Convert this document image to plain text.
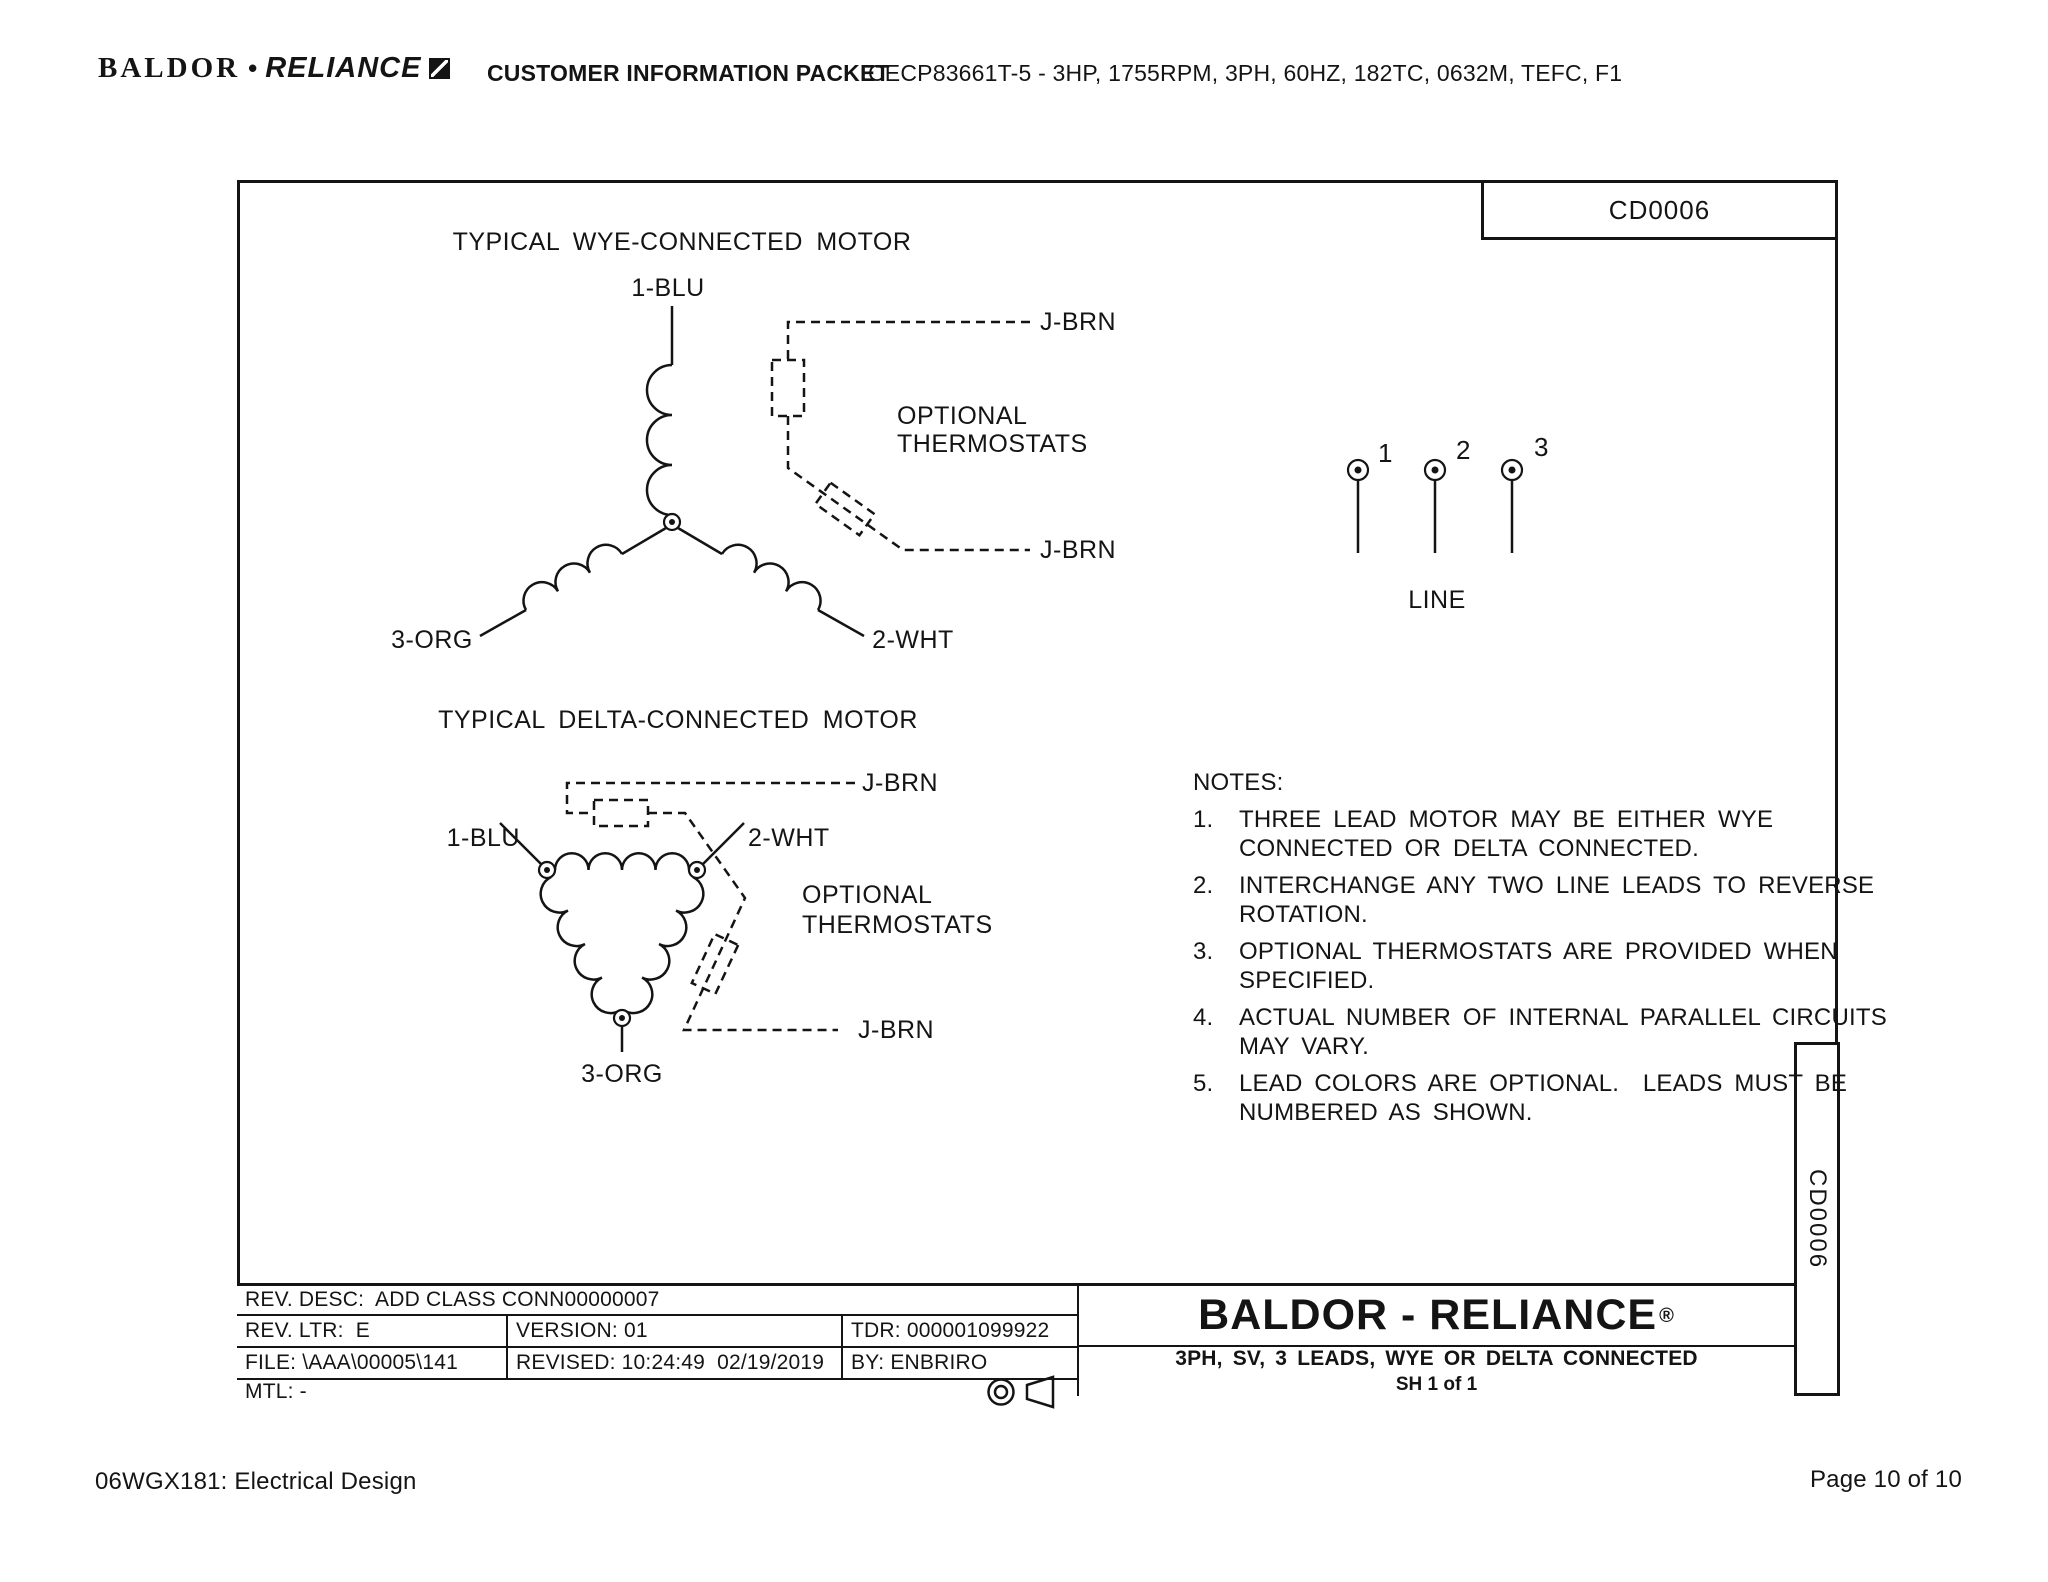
BALDOR • RELIANCE	CUSTOMER INFORMATION PACKET
CECP83661T-5 - 3HP, 1755RPM, 3PH, 60HZ, 182TC, 0632M, TEFC, F1
CD0006
CD0006
TYPICAL WYE-CONNECTED MOTOR
1-BLU
3-ORG	2-WHT
J-BRN
J-BRN
OPTIONAL
THERMOSTATS	1 2 3
LINE
TYPICAL DELTA-CONNECTED MOTOR
1-BLU	2-WHT
3-ORG
J-BRN
J-BRN
OPTIONAL
THERMOSTATS
NOTES:
1.	THREE LEAD MOTOR MAY BE EITHER WYE
CONNECTED OR DELTA CONNECTED.
2.	INTERCHANGE ANY TWO LINE LEADS TO REVERSE
ROTATION.
3.	OPTIONAL THERMOSTATS ARE PROVIDED WHEN
SPECIFIED.
4.	ACTUAL NUMBER OF INTERNAL PARALLEL CIRCUITS
MAY VARY.
5.	LEAD COLORS ARE OPTIONAL.  LEADS MUST BE
NUMBERED AS SHOWN.
REV. DESC:  ADD CLASS CONN00000007
REV. LTR:  E	VERSION: 01	TDR: 000001099922
FILE: \AAA\00005\141	REVISED: 10:24:49  02/19/2019	BY: ENBRIRO
MTL: -
BALDOR - RELIANCE ®
3PH, SV, 3 LEADS, WYE OR DELTA CONNECTED
SH 1 of 1
06WGX181: Electrical Design	Page 10 of 10
